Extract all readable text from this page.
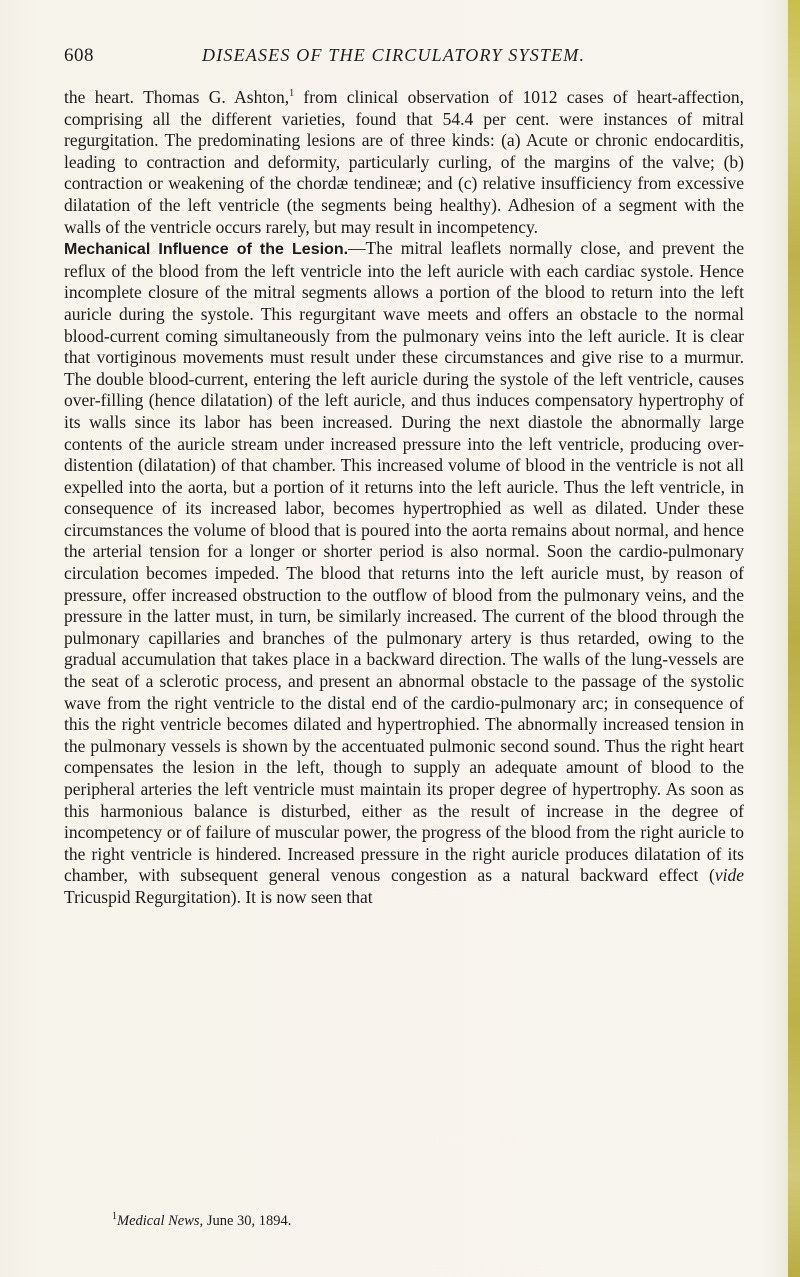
608	DISEASES OF THE CIRCULATORY SYSTEM.

the heart. Thomas G. Ashton,$^1$ from clinical observation of 1012 cases of heart-affection, comprising all the different varieties, found that 54.4 per cent. were instances of mitral regurgitation. The predominating lesions are of three kinds: (a) Acute or chronic endocarditis, leading to contraction and deformity, particularly curling, of the margins of the valve; (b) contraction or weakening of the chordæ tendineæ; and (c) relative insufficiency from excessive dilatation of the left ventricle (the segments being healthy). Adhesion of a segment with the walls of the ventricle occurs rarely, but may result in incompetency.

Mechanical Influence of the Lesion.—The mitral leaflets normally close, and prevent the reflux of the blood from the left ventricle into the left auricle with each cardiac systole. Hence incomplete closure of the mitral segments allows a portion of the blood to return into the left auricle during the systole. This regurgitant wave meets and offers an obstacle to the normal blood-current coming simultaneously from the pulmonary veins into the left auricle. It is clear that vortiginous movements must result under these circumstances and give rise to a murmur. The double blood-current, entering the left auricle during the systole of the left ventricle, causes over-filling (hence dilatation) of the left auricle, and thus induces compensatory hypertrophy of its walls since its labor has been increased. During the next diastole the abnormally large contents of the auricle stream under increased pressure into the left ventricle, producing over-distention (dilatation) of that chamber. This increased volume of blood in the ventricle is not all expelled into the aorta, but a portion of it returns into the left auricle. Thus the left ventricle, in consequence of its increased labor, becomes hypertrophied as well as dilated. Under these circumstances the volume of blood that is poured into the aorta remains about normal, and hence the arterial tension for a longer or shorter period is also normal. Soon the cardio-pulmonary circulation becomes impeded. The blood that returns into the left auricle must, by reason of pressure, offer increased obstruction to the outflow of blood from the pulmonary veins, and the pressure in the latter must, in turn, be similarly increased. The current of the blood through the pulmonary capillaries and branches of the pulmonary artery is thus retarded, owing to the gradual accumulation that takes place in a backward direction. The walls of the lung-vessels are the seat of a sclerotic process, and present an abnormal obstacle to the passage of the systolic wave from the right ventricle to the distal end of the cardio-pulmonary arc; in consequence of this the right ventricle becomes dilated and hypertrophied. The abnormally increased tension in the pulmonary vessels is shown by the accentuated pulmonic second sound. Thus the right heart compensates the lesion in the left, though to supply an adequate amount of blood to the peripheral arteries the left ventricle must maintain its proper degree of hypertrophy. As soon as this harmonious balance is disturbed, either as the result of increase in the degree of incompetency or of failure of muscular power, the progress of the blood from the right auricle to the right ventricle is hindered. Increased pressure in the right auricle produces dilatation of its chamber, with subsequent general venous congestion as a natural backward effect (vide Tricuspid Regurgitation). It is now seen that

$^1$Medical News, June 30, 1894.
